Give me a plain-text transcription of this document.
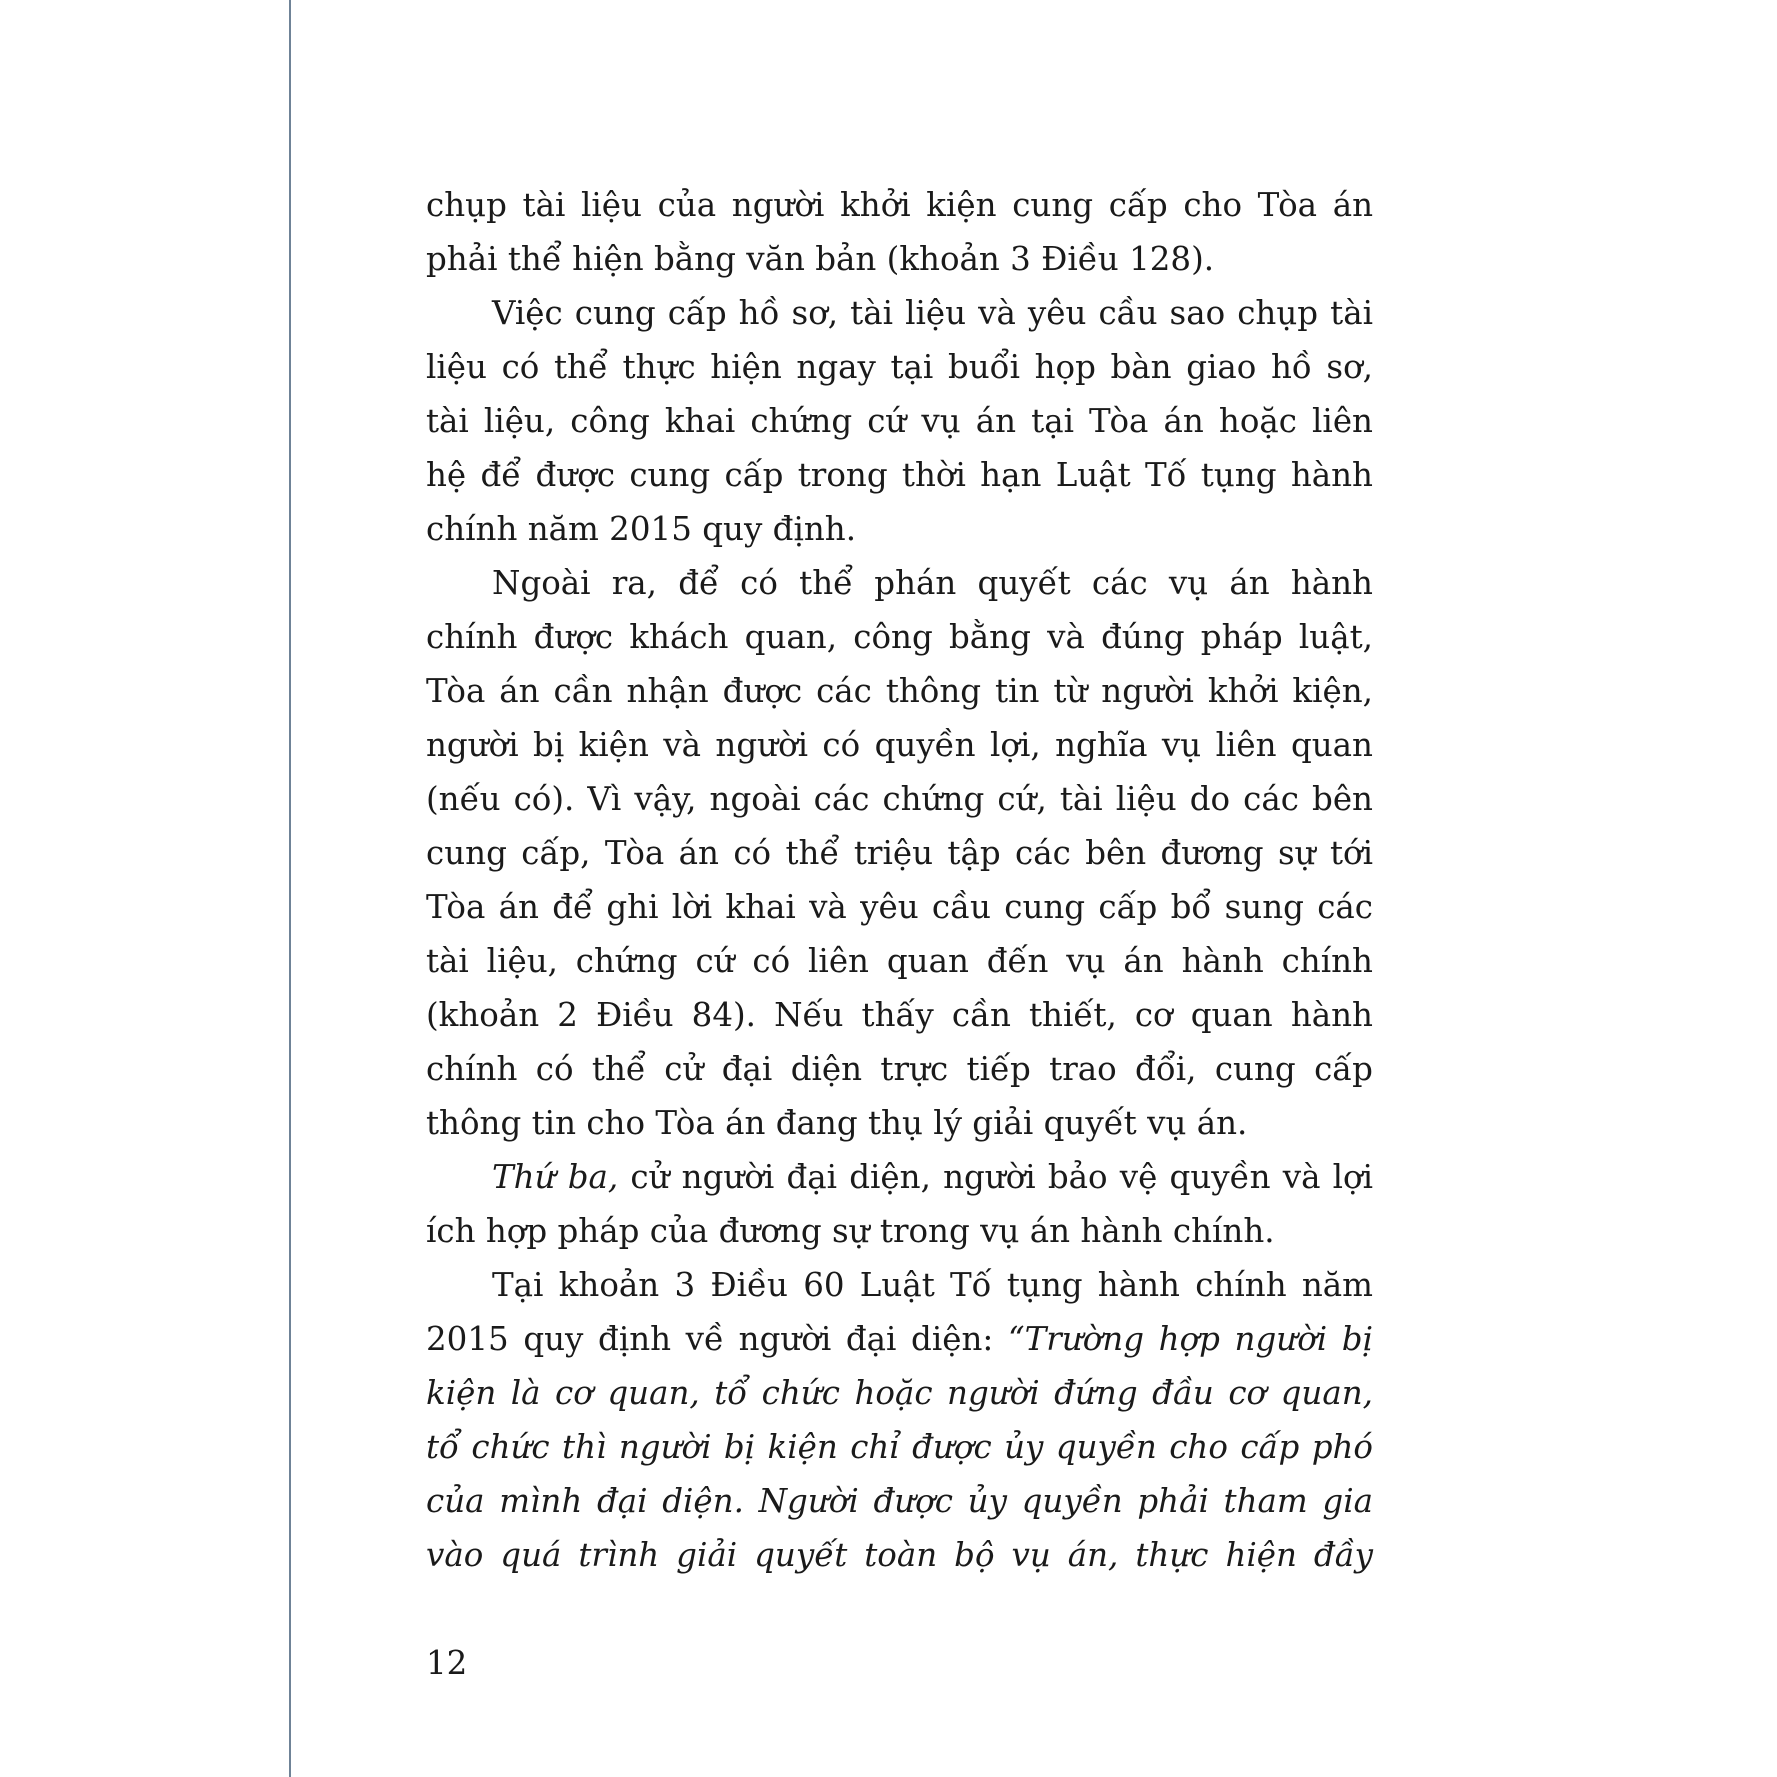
chụp tài liệu của người khởi kiện cung cấp cho Tòa án

phải thể hiện bằng văn bản (khoản 3 Điều 128).

Việc cung cấp hồ sơ, tài liệu và yêu cầu sao chụp tài

liệu có thể thực hiện ngay tại buổi họp bàn giao hồ sơ,

tài liệu, công khai chứng cứ vụ án tại Tòa án hoặc liên

hệ để được cung cấp trong thời hạn Luật Tố tụng hành

chính năm 2015 quy định.

Ngoài ra, để có thể phán quyết các vụ án hành

chính được khách quan, công bằng và đúng pháp luật,

Tòa án cần nhận được các thông tin từ người khởi kiện,

người bị kiện và người có quyền lợi, nghĩa vụ liên quan

(nếu có). Vì vậy, ngoài các chứng cứ, tài liệu do các bên

cung cấp, Tòa án có thể triệu tập các bên đương sự tới

Tòa án để ghi lời khai và yêu cầu cung cấp bổ sung các

tài liệu, chứng cứ có liên quan đến vụ án hành chính

(khoản 2 Điều 84). Nếu thấy cần thiết, cơ quan hành

chính có thể cử đại diện trực tiếp trao đổi, cung cấp

thông tin cho Tòa án đang thụ lý giải quyết vụ án.

Thứ ba, cử người đại diện, người bảo vệ quyền và lợi

ích hợp pháp của đương sự trong vụ án hành chính.

Tại khoản 3 Điều 60 Luật Tố tụng hành chính năm

2015 quy định về người đại diện: “Trường hợp người bị

kiện là cơ quan, tổ chức hoặc người đứng đầu cơ quan,

tổ chức thì người bị kiện chỉ được ủy quyền cho cấp phó

của mình đại diện. Người được ủy quyền phải tham gia

vào quá trình giải quyết toàn bộ vụ án, thực hiện đầy

12
